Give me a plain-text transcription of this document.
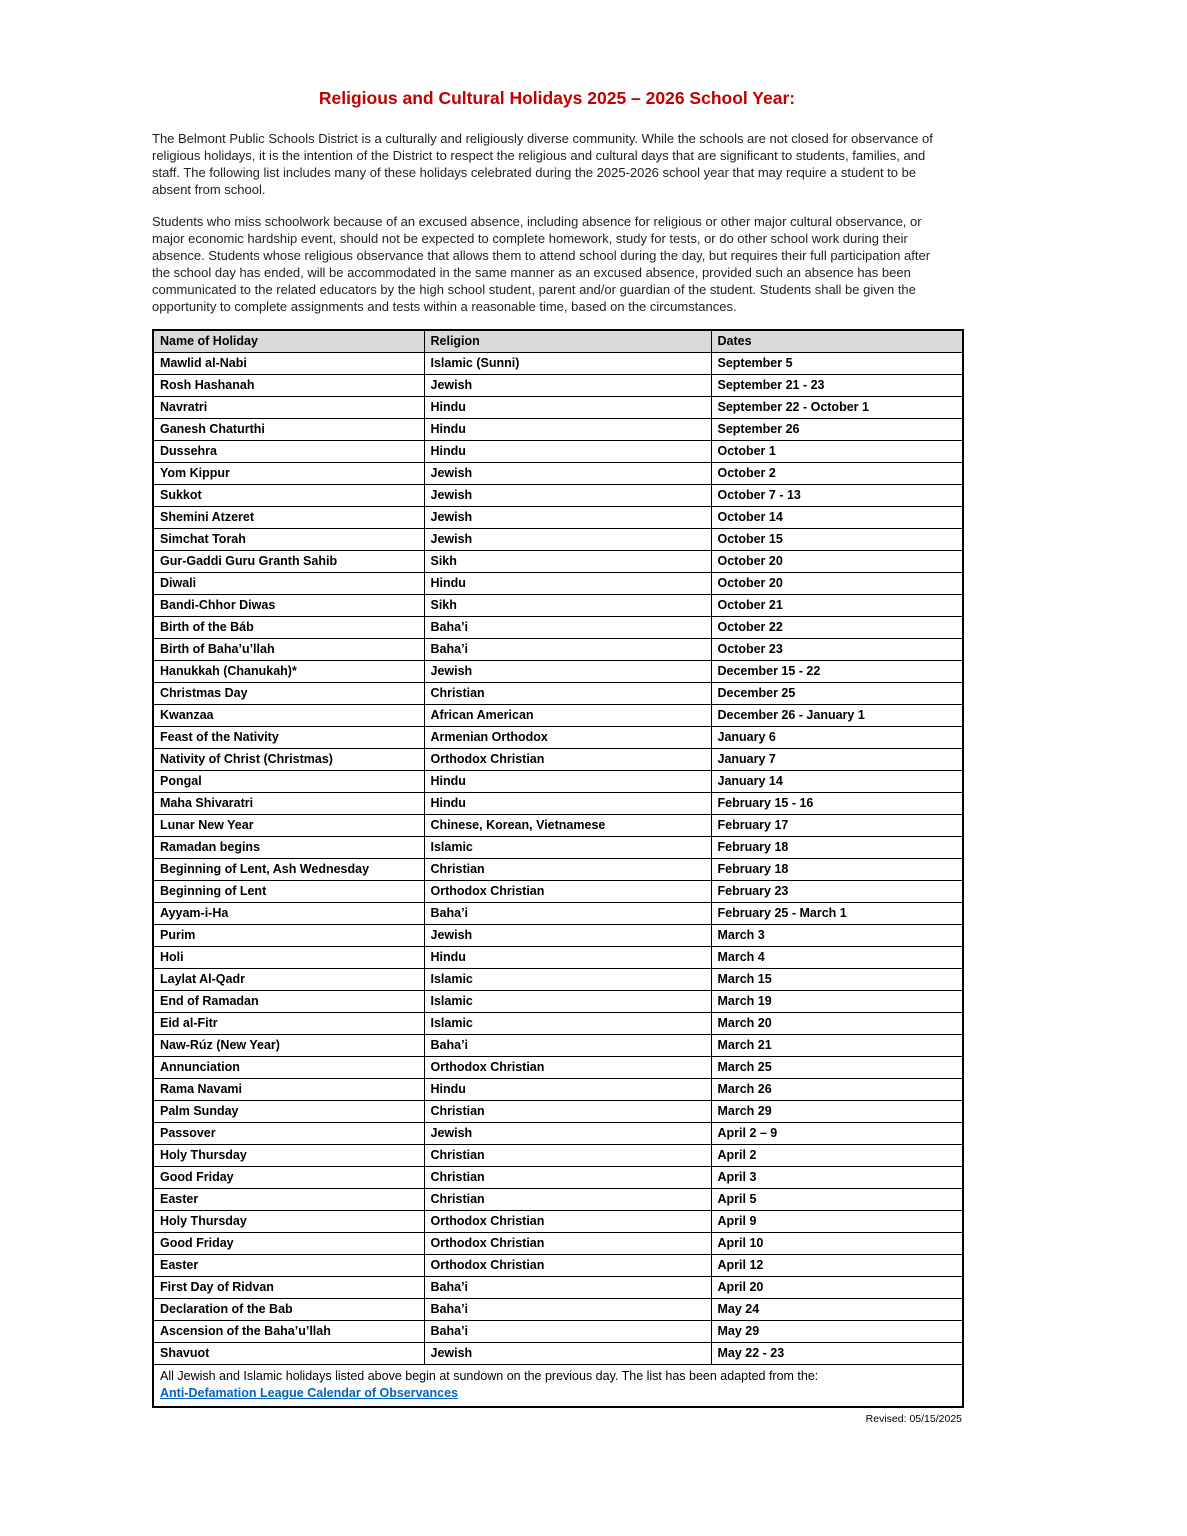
Religious and Cultural Holidays 2025 – 2026 School Year:

The Belmont Public Schools District is a culturally and religiously diverse community. While the schools are not closed for observance of religious holidays, it is the intention of the District to respect the religious and cultural days that are significant to students, families, and staff. The following list includes many of these holidays celebrated during the 2025-2026 school year that may require a student to be absent from school.

Students who miss schoolwork because of an excused absence, including absence for religious or other major cultural observance, or major economic hardship event, should not be expected to complete homework, study for tests, or do other school work during their absence. Students whose religious observance that allows them to attend school during the day, but requires their full participation after the school day has ended, will be accommodated in the same manner as an excused absence, provided such an absence has been communicated to the related educators by the high school student, parent and/or guardian of the student. Students shall be given the opportunity to complete assignments and tests within a reasonable time, based on the circumstances.

Name of Holiday	Religion	Dates
Mawlid al-Nabi	Islamic (Sunni)	September 5
Rosh Hashanah	Jewish	September 21 - 23
Navratri	Hindu	September 22 - October 1
Ganesh Chaturthi	Hindu	September 26
Dussehra	Hindu	October 1
Yom Kippur	Jewish	October 2
Sukkot	Jewish	October 7 - 13
Shemini Atzeret	Jewish	October 14
Simchat Torah	Jewish	October 15
Gur-Gaddi Guru Granth Sahib	Sikh	October 20
Diwali	Hindu	October 20
Bandi-Chhor Diwas	Sikh	October 21
Birth of the Báb	Baha’i	October 22
Birth of Baha’u’llah	Baha’i	October 23
Hanukkah (Chanukah)*	Jewish	December 15 - 22
Christmas Day	Christian	December 25
Kwanzaa	African American	December 26 - January 1
Feast of the Nativity	Armenian Orthodox	January 6
Nativity of Christ (Christmas)	Orthodox Christian	January 7
Pongal	Hindu	January 14
Maha Shivaratri	Hindu	February 15 - 16
Lunar New Year	Chinese, Korean, Vietnamese	February 17
Ramadan begins	Islamic	February 18
Beginning of Lent, Ash Wednesday	Christian	February 18
Beginning of Lent	Orthodox Christian	February 23
Ayyam-i-Ha	Baha’i	February 25 - March 1
Purim	Jewish	March 3
Holi	Hindu	March 4
Laylat Al-Qadr	Islamic	March 15
End of Ramadan	Islamic	March 19
Eid al-Fitr	Islamic	March 20
Naw-Rúz (New Year)	Baha’i	March 21
Annunciation	Orthodox Christian	March 25
Rama Navami	Hindu	March 26
Palm Sunday	Christian	March 29
Passover	Jewish	April 2 – 9
Holy Thursday	Christian	April 2
Good Friday	Christian	April 3
Easter	Christian	April 5
Holy Thursday	Orthodox Christian	April 9
Good Friday	Orthodox Christian	April 10
Easter	Orthodox Christian	April 12
First Day of Ridvan	Baha’i	April 20
Declaration of the Bab	Baha’i	May 24
Ascension of the Baha’u’llah	Baha’i	May 29
Shavuot	Jewish	May 22 - 23
All Jewish and Islamic holidays listed above begin at sundown on the previous day. The list has been adapted from the:
Anti-Defamation League Calendar of Observances		
Revised: 05/15/2025
